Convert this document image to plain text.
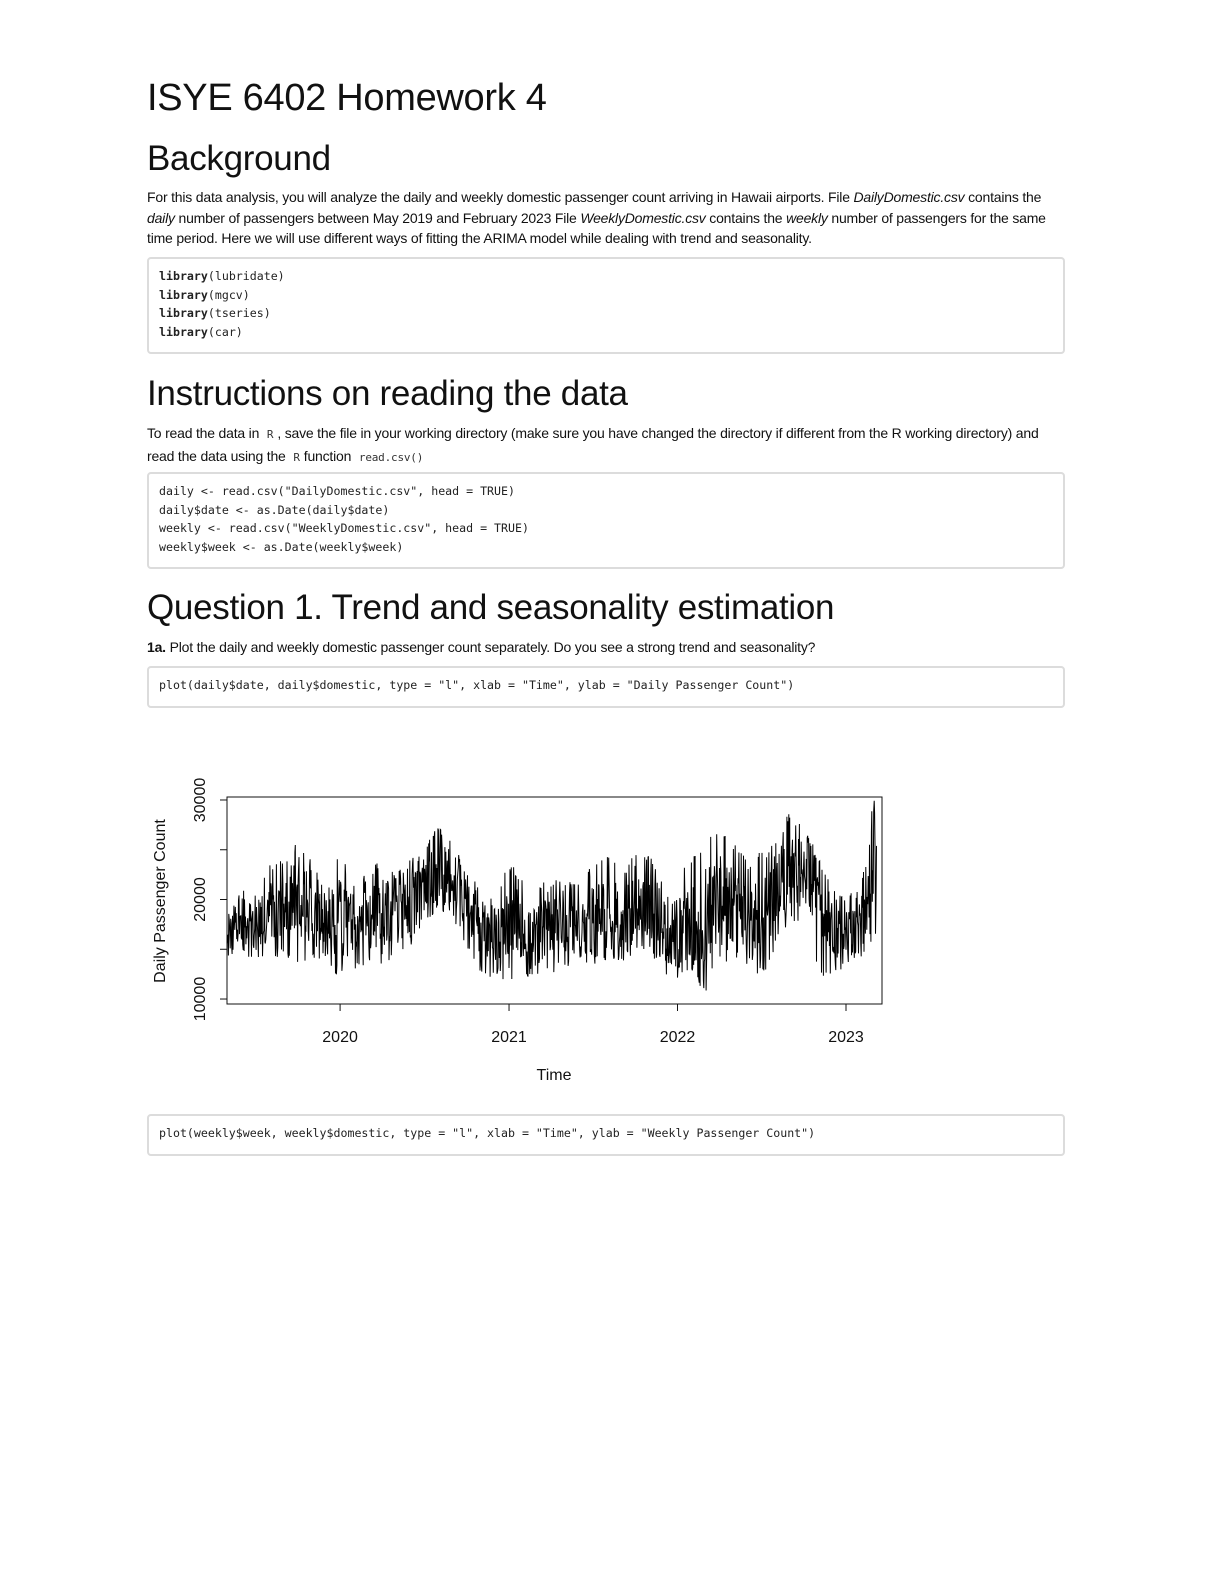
ISYE 6402 Homework 4
Background

For this data analysis, you will analyze the daily and weekly domestic passenger count arriving in Hawaii airports. File DailyDomestic.csv contains the daily number of passengers between May 2019 and February 2023 File WeeklyDomestic.csv contains the weekly number of passengers for the same time period. Here we will use different ways of fitting the ARIMA model while dealing with trend and seasonality.

library(lubridate)
library(mgcv)
library(tseries)
library(car)
Instructions on reading the data

To read the data in R , save the file in your working directory (make sure you have changed the directory if different from the R working directory) and read the data using the R function read.csv()

daily <- read.csv("DailyDomestic.csv", head = TRUE)
daily$date <- as.Date(daily$date)
weekly <- read.csv("WeeklyDomestic.csv", head = TRUE)
weekly$week <- as.Date(weekly$week)
Question 1. Trend and seasonality estimation

1a. Plot the daily and weekly domestic passenger count separately. Do you see a strong trend and seasonality?

plot(daily$date, daily$domestic, type = "l", xlab = "Time", ylab = "Daily Passenger Count")
plot(weekly$week, weekly$domestic, type = "l", xlab = "Time", ylab = "Weekly Passenger Count")
2020	2021	2022	2023
10000
20000
30000
Time
Daily Passenger Count
